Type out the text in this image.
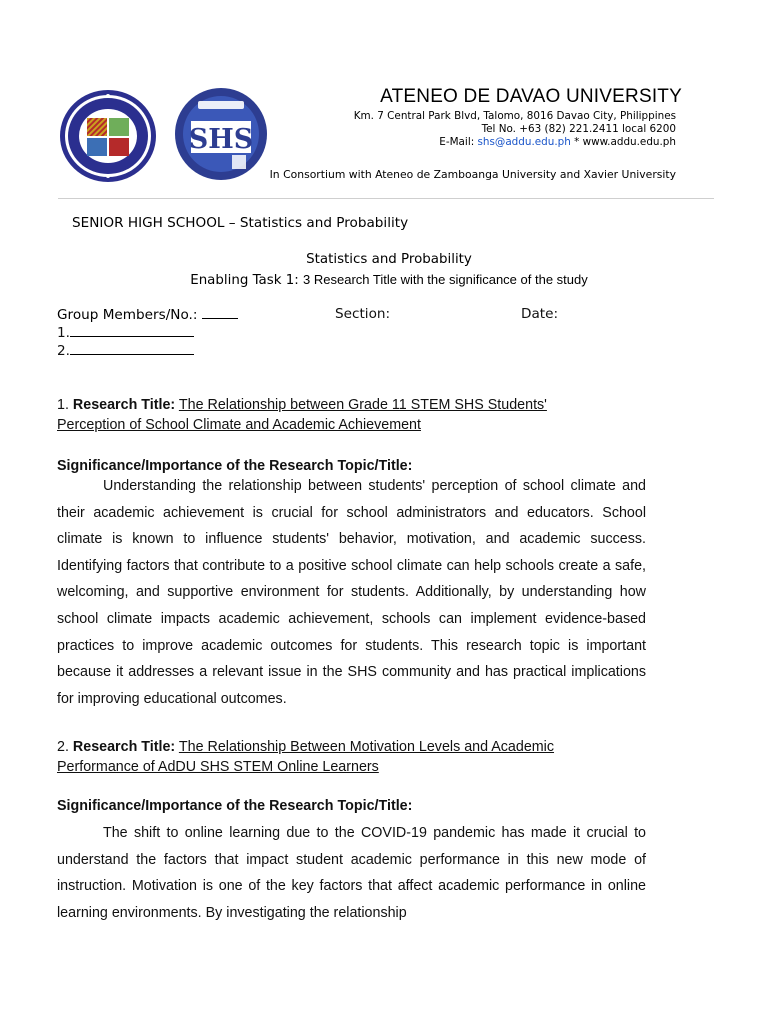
SHS
ATENEO DE DAVAO UNIVERSITY
Km. 7 Central Park Blvd, Talomo, 8016 Davao City, Philippines
Tel No. +63 (82) 221.2411 local 6200
E-Mail: shs@addu.edu.ph * www.addu.edu.ph
In Consortium with Ateneo de Zamboanga University and Xavier University
SENIOR HIGH SCHOOL – Statistics and Probability
Statistics and Probability
Enabling Task 1: 3 Research Title with the significance of the study
Group Members/No.:	Section:	Date:
1.
2.
1. Research Title: The Relationship between Grade 11 STEM SHS Students'
Perception of School Climate and Academic Achievement
Significance/Importance of the Research Topic/Title:
Understanding the relationship between students' perception of school climate and their academic achievement is crucial for school administrators and educators. School climate is known to influence students' behavior, motivation, and academic success. Identifying factors that contribute to a positive school climate can help schools create a safe, welcoming, and supportive environment for students. Additionally, by understanding how school climate impacts academic achievement, schools can implement evidence-based practices to improve academic outcomes for students. This research topic is important because it addresses a relevant issue in the SHS community and has practical implications for improving educational outcomes.
2. Research Title: The Relationship Between Motivation Levels and Academic
Performance of AdDU SHS STEM Online Learners
Significance/Importance of the Research Topic/Title:
The shift to online learning due to the COVID-19 pandemic has made it crucial to understand the factors that impact student academic performance in this new mode of instruction. Motivation is one of the key factors that affect academic performance in online learning environments. By investigating the relationship
